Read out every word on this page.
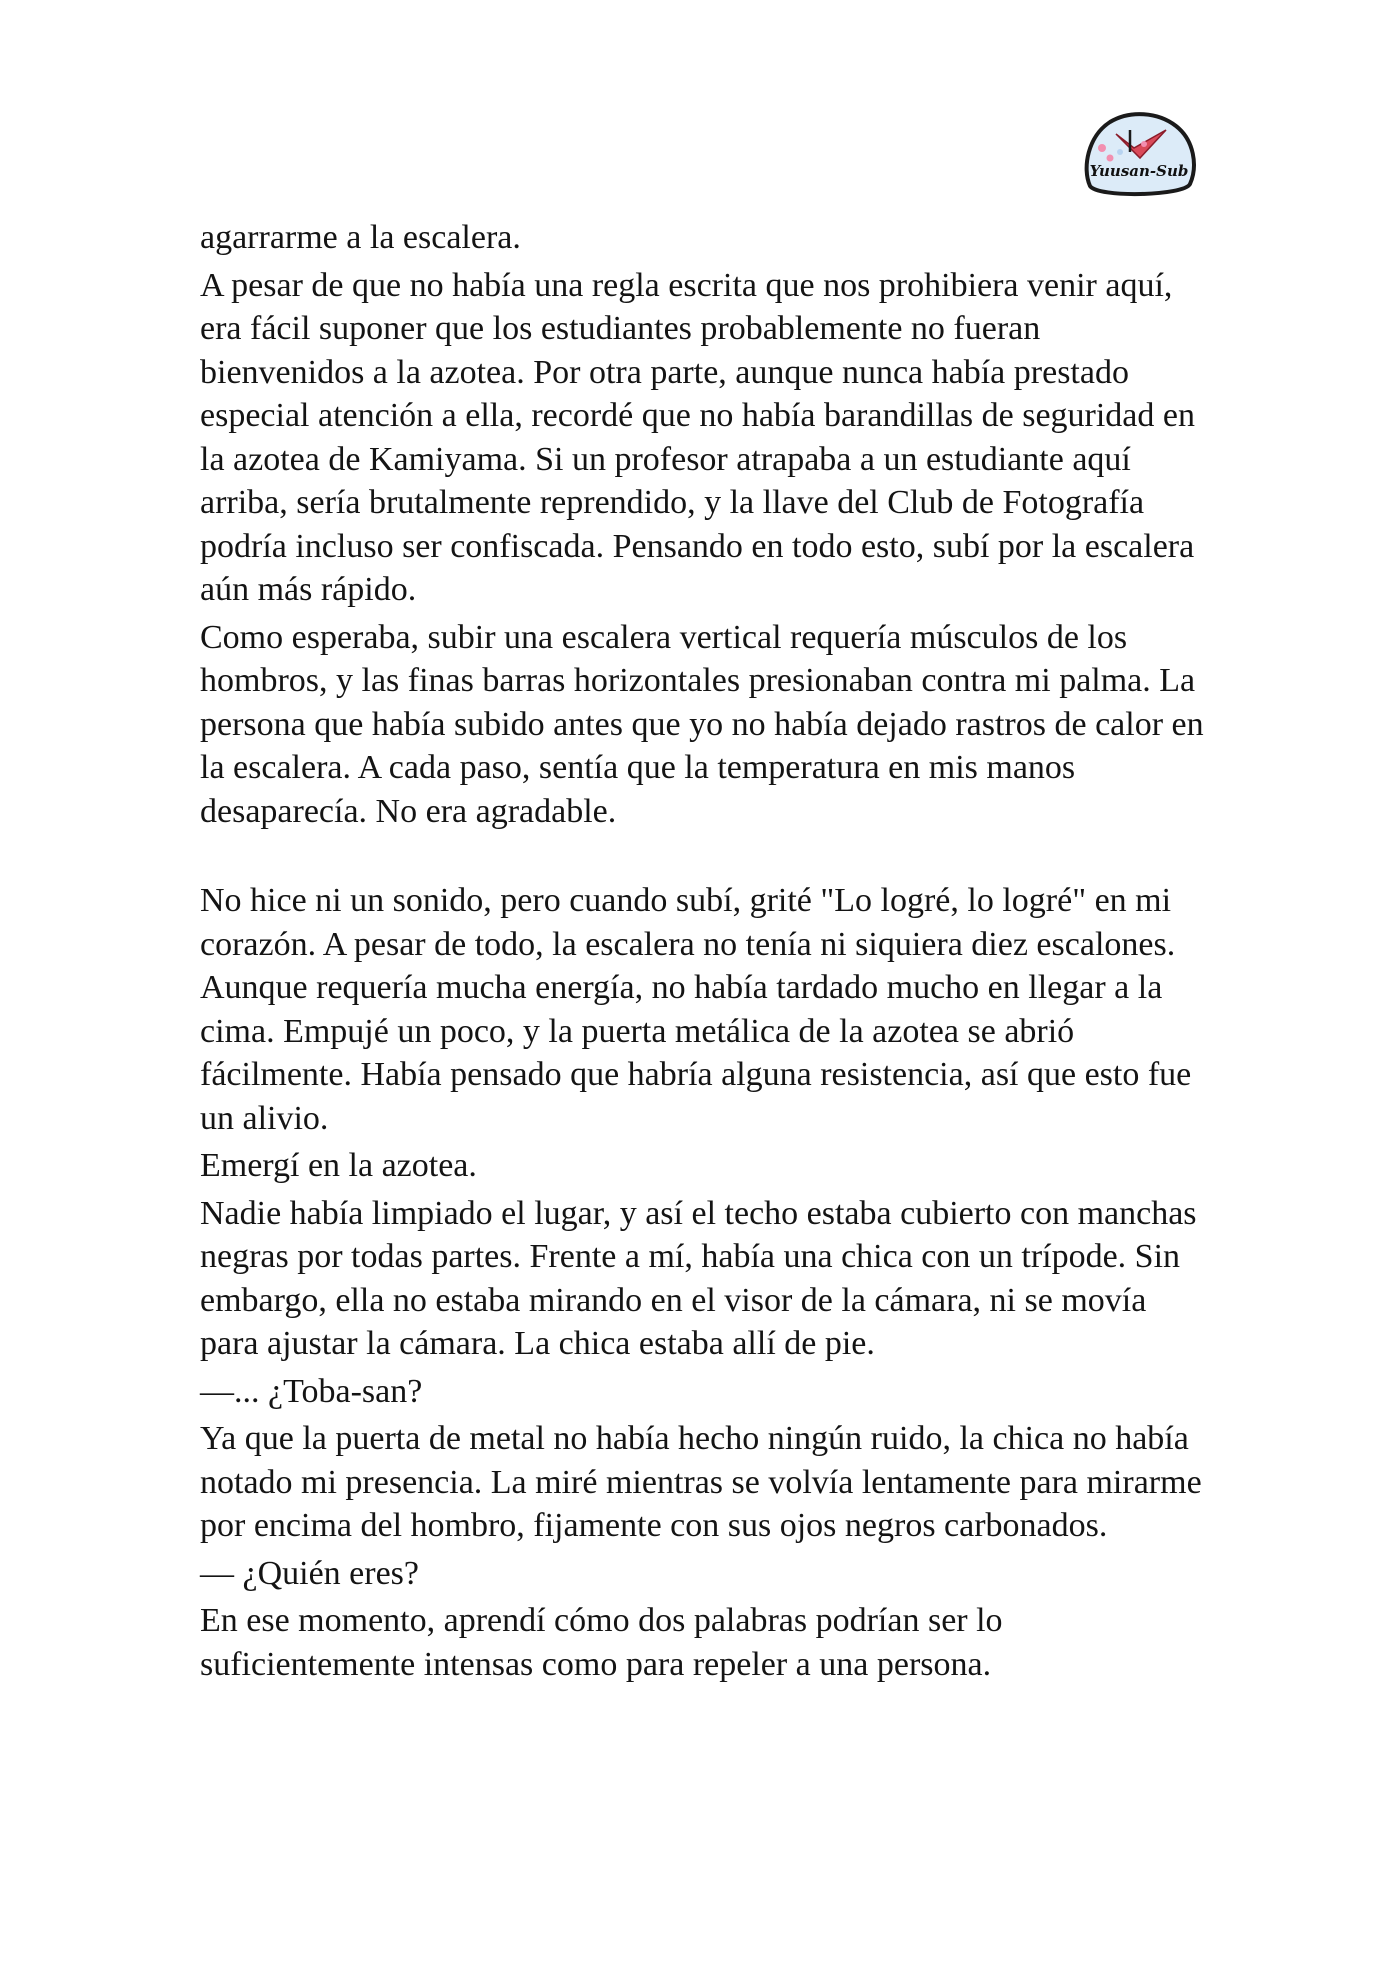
Yuusan-Sub

agarrarme a la escalera.

A pesar de que no había una regla escrita que nos prohibiera venir aquí, era fácil suponer que los estudiantes probablemente no fueran bienvenidos a la azotea. Por otra parte, aunque nunca había prestado especial atención a ella, recordé que no había barandillas de seguridad en la azotea de Kamiyama. Si un profesor atrapaba a un estudiante aquí arriba, sería brutalmente reprendido, y la llave del Club de Fotografía podría incluso ser confiscada. Pensando en todo esto, subí por la escalera aún más rápido.

Como esperaba, subir una escalera vertical requería músculos de los hombros, y las finas barras horizontales presionaban contra mi palma. La persona que había subido antes que yo no había dejado rastros de calor en la escalera. A cada paso, sentía que la temperatura en mis manos desaparecía. No era agradable.

No hice ni un sonido, pero cuando subí, grité "Lo logré, lo logré" en mi corazón. A pesar de todo, la escalera no tenía ni siquiera diez escalones. Aunque requería mucha energía, no había tardado mucho en llegar a la cima. Empujé un poco, y la puerta metálica de la azotea se abrió fácilmente. Había pensado que habría alguna resistencia, así que esto fue un alivio.

Emergí en la azotea.

Nadie había limpiado el lugar, y así el techo estaba cubierto con manchas negras por todas partes. Frente a mí, había una chica con un trípode. Sin embargo, ella no estaba mirando en el visor de la cámara, ni se movía para ajustar la cámara. La chica estaba allí de pie.

—... ¿Toba-san?

Ya que la puerta de metal no había hecho ningún ruido, la chica no había notado mi presencia. La miré mientras se volvía lentamente para mirarme por encima del hombro, fijamente con sus ojos negros carbonados.

— ¿Quién eres?

En ese momento, aprendí cómo dos palabras podrían ser lo suficientemente intensas como para repeler a una persona.
